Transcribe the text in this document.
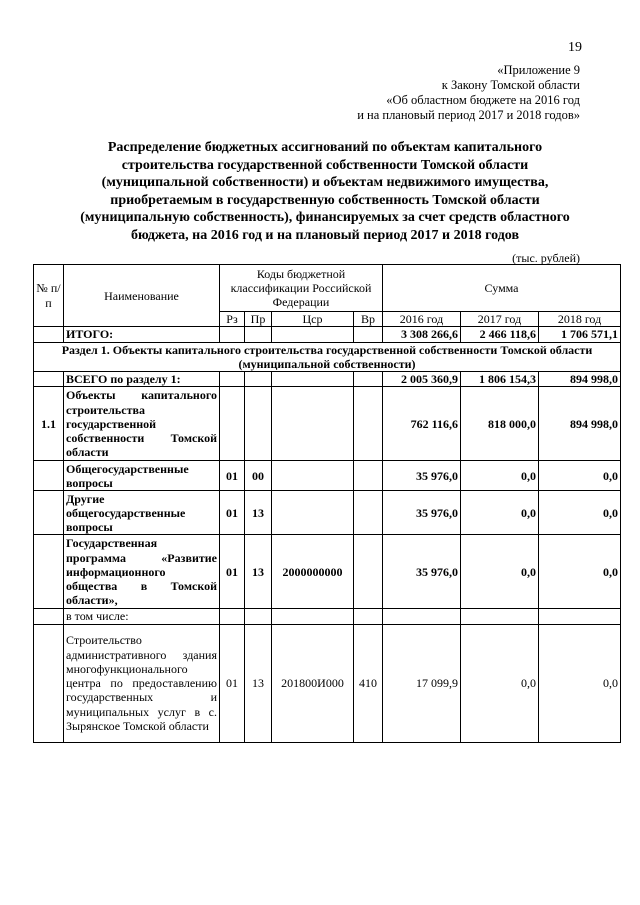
19
«Приложение 9
к Закону Томской области
«Об областном бюджете на 2016 год
и на плановый период 2017 и 2018 годов»
Распределение бюджетных ассигнований по объектам капитального
строительства государственной собственности Томской области
(муниципальной собственности) и объектам недвижимого имущества,
приобретаемым в государственную собственность Томской области
(муниципальную собственность), финансируемых за счет средств областного
бюджета, на 2016 год и на плановый период 2017 и 2018 годов
(тыс. рублей)
№ п/п	Наименование	Коды бюджетной классификации Российской Федерации				Сумма		
		Рз	Пр	Цср	Вр	2016 год	2017 год	2018 год
	ИТОГО:					3 308 266,6	2 466 118,6	1 706 571,1
Раздел 1. Объекты капитального строительства государственной собственности Томской области (муниципальной собственности)								
	ВСЕГО по разделу 1:					2 005 360,9	1 806 154,3	894 998,0
1.1	Объекты капитального строительства государственной собственности Томской области					762 116,6	818 000,0	894 998,0
	Общегосударственные вопросы	01	00			35 976,0	0,0	0,0
	Другие общегосударственные вопросы	01	13			35 976,0	0,0	0,0
	Государственная программа «Развитие информационного общества в Томской области»,	01	13	2000000000		35 976,0	0,0	0,0
	в том числе:							
	Строительство административного здания многофункционального центра по предоставлению государственных и муниципальных услуг в с. Зырянское Томской области	01	13	201800И000	410	17 099,9	0,0	0,0
